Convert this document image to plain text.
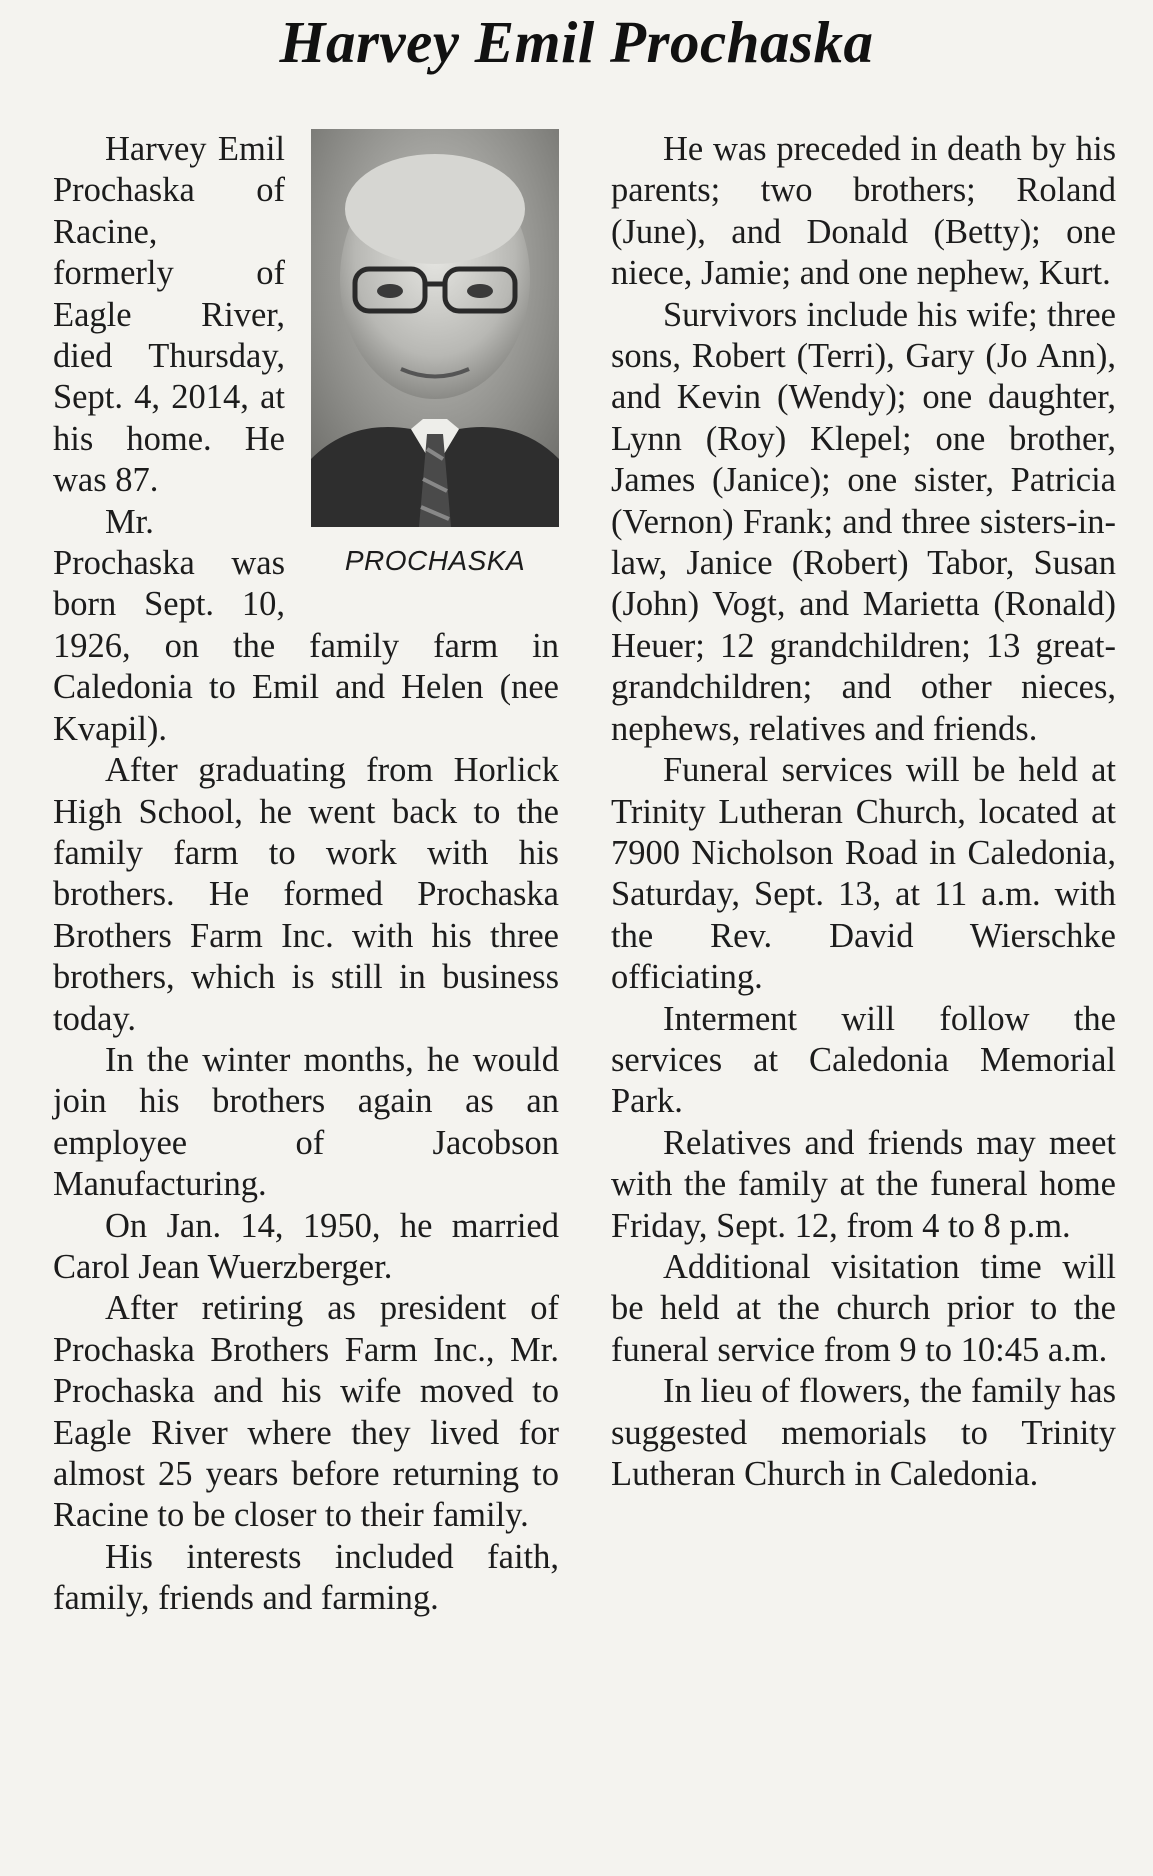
Harvey Emil Prochaska
PROCHASKA

Harvey Emil Prochaska of Racine, formerly of Eagle River, died Thursday, Sept. 4, 2014, at his home. He was 87.

Mr. Prochaska was born Sept. 10, 1926, on the family farm in Caledonia to Emil and Helen (nee Kvapil).

After graduating from Horlick High School, he went back to the family farm to work with his brothers. He formed Prochaska Brothers Farm Inc. with his three brothers, which is still in business today.

In the winter months, he would join his brothers again as an employee of Jacobson Manufacturing.

On Jan. 14, 1950, he married Carol Jean Wuerzberger.

After retiring as president of Prochaska Brothers Farm Inc., Mr. Prochaska and his wife moved to Eagle River where they lived for almost 25 years before returning to Racine to be closer to their family.

His interests included faith, family, friends and farming.

He was preceded in death by his parents; two brothers; Roland (June), and Donald (Betty); one niece, Jamie; and one nephew, Kurt.

Survivors include his wife; three sons, Robert (Terri), Gary (Jo Ann), and Kevin (Wendy); one daughter, Lynn (Roy) Klepel; one brother, James (Janice); one sister, Patricia (Vernon) Frank; and three sisters-in-law, Janice (Robert) Tabor, Susan (John) Vogt, and Marietta (Ronald) Heuer; 12 grandchildren; 13 great-grandchildren; and other nieces, nephews, relatives and friends.

Funeral services will be held at Trinity Lutheran Church, located at 7900 Nicholson Road in Caledonia, Saturday, Sept. 13, at 11 a.m. with the Rev. David Wierschke officiating.

Interment will follow the services at Caledonia Memorial Park.

Relatives and friends may meet with the family at the funeral home Friday, Sept. 12, from 4 to 8 p.m.

Additional visitation time will be held at the church prior to the funeral service from 9 to 10:45 a.m.

In lieu of flowers, the family has suggested memorials to Trinity Lutheran Church in Caledonia.
